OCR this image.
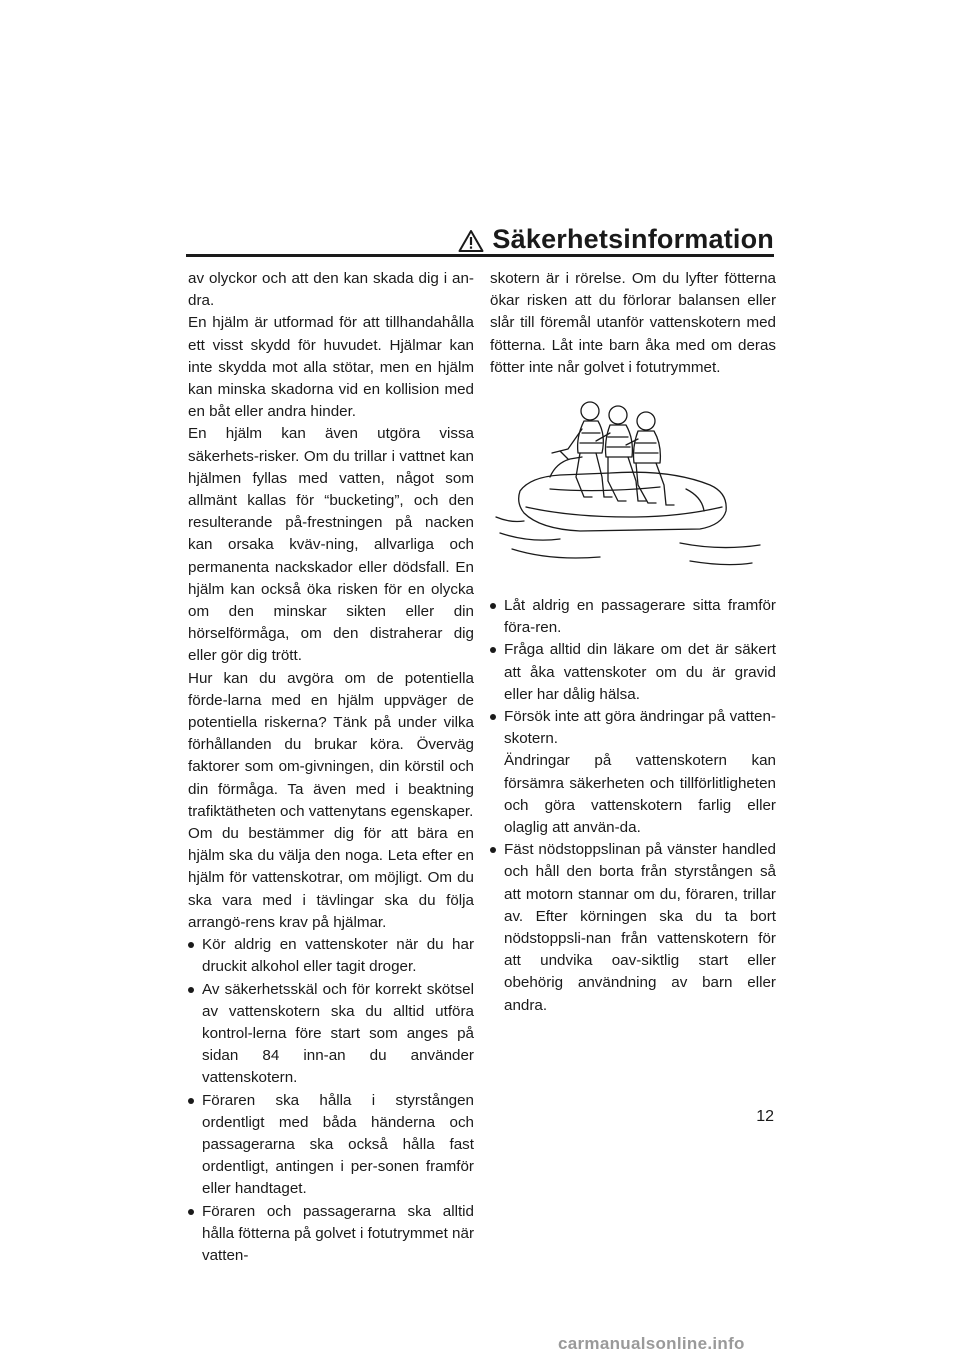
Säkerhetsinformation

av olyckor och att den kan skada dig i an-dra.

En hjälm är utformad för att tillhandahålla ett visst skydd för huvudet. Hjälmar kan inte skydda mot alla stötar, men en hjälm kan minska skadorna vid en kollision med en båt eller andra hinder.

En hjälm kan även utgöra vissa säkerhets-risker. Om du trillar i vattnet kan hjälmen fyllas med vatten, något som allmänt kallas för “bucketing”, och den resulterande på-frestningen på nacken kan orsaka kväv-ning, allvarliga och permanenta nackskador eller dödsfall. En hjälm kan också öka risken för en olycka om den minskar sikten eller din hörselförmåga, om den distraherar dig eller gör dig trött.

Hur kan du avgöra om de potentiella förde-larna med en hjälm uppväger de potentiella riskerna? Tänk på under vilka förhållanden du brukar köra. Överväg faktorer som om-givningen, din körstil och din förmåga. Ta även med i beaktning trafiktätheten och vattenytans egenskaper.

Om du bestämmer dig för att bära en hjälm ska du välja den noga. Leta efter en hjälm för vattenskotrar, om möjligt. Om du ska vara med i tävlingar ska du följa arrangö-rens krav på hjälmar.

Kör aldrig en vattenskoter när du har druckit alkohol eller tagit droger.
Av säkerhetsskäl och för korrekt skötsel av vattenskotern ska du alltid utföra kontrol-lerna före start som anges på sidan 84 inn-an du använder vattenskotern.
Föraren ska hålla i styrstången ordentligt med båda händerna och passagerarna ska också hålla fast ordentligt, antingen i per-sonen framför eller handtaget.
Föraren och passagerarna ska alltid hålla fötterna på golvet i fotutrymmet när vatten-

skotern är i rörelse. Om du lyfter fötterna ökar risken att du förlorar balansen eller slår till föremål utanför vattenskotern med fötterna. Låt inte barn åka med om deras fötter inte når golvet i fotutrymmet.

Låt aldrig en passagerare sitta framför föra-ren.
Fråga alltid din läkare om det är säkert att åka vattenskoter om du är gravid eller har dålig hälsa.
Försök inte att göra ändringar på vatten-skotern.
Ändringar på vattenskotern kan försämra säkerheten och tillförlitligheten och göra vattenskotern farlig eller olaglig att använ-da.
Fäst nödstoppslinan på vänster handled och håll den borta från styrstången så att motorn stannar om du, föraren, trillar av. Efter körningen ska du ta bort nödstoppsli-nan från vattenskotern för att undvika oav-siktlig start eller obehörig användning av barn eller andra.
12
carmanualsonline.info
